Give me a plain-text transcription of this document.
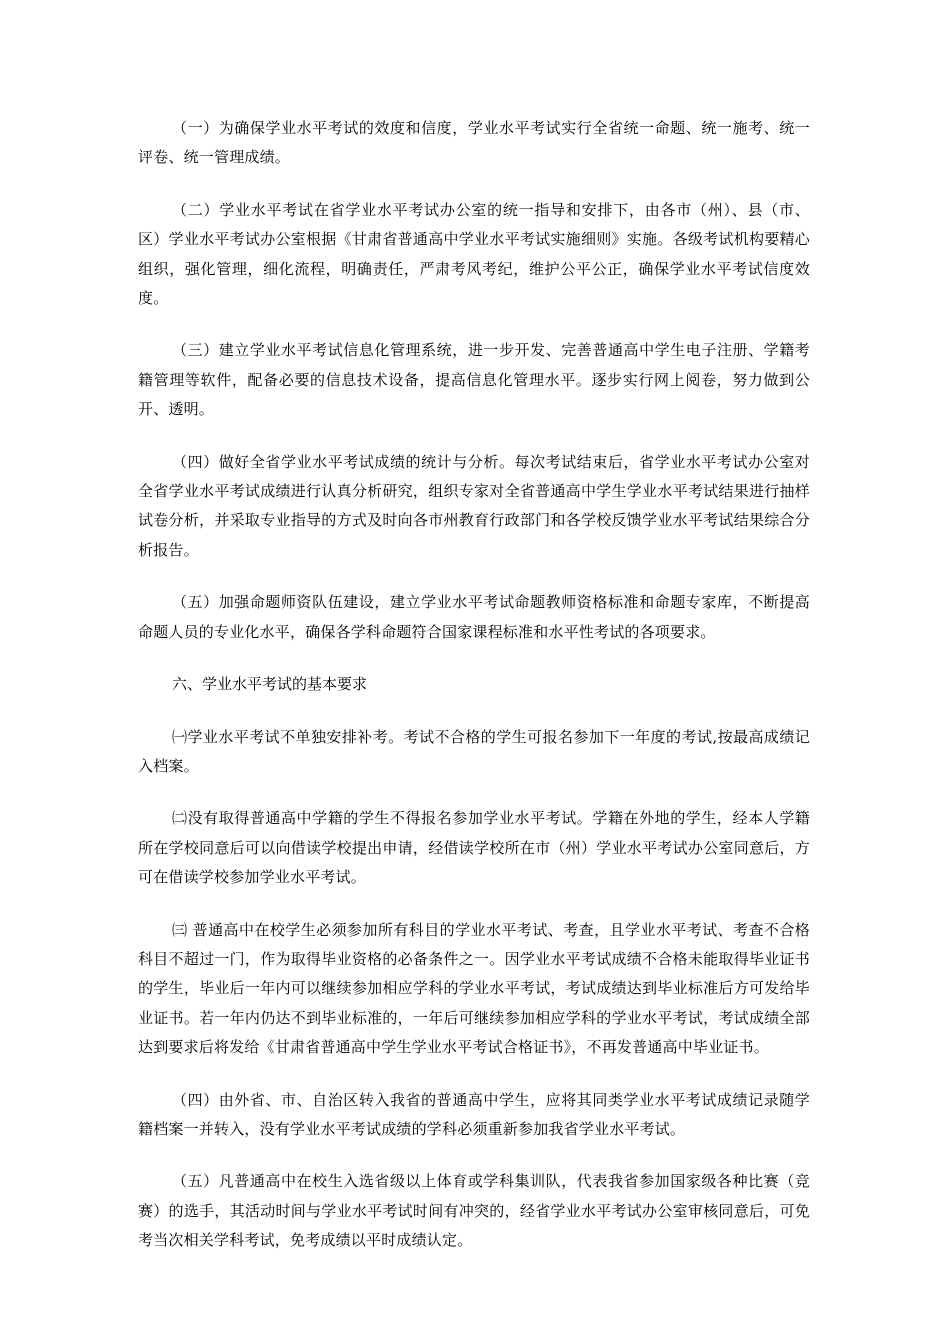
（一）为确保学业水平考试的效度和信度，学业水平考试实行全省统一命题、统一施考、统一评卷、统一管理成绩。

（二）学业水平考试在省学业水平考试办公室的统一指导和安排下，由各市（州）、县（市、区）学业水平考试办公室根据《甘肃省普通高中学业水平考试实施细则》实施。各级考试机构要精心组织，强化管理，细化流程，明确责任，严肃考风考纪，维护公平公正，确保学业水平考试信度效度。

（三）建立学业水平考试信息化管理系统，进一步开发、完善普通高中学生电子注册、学籍考籍管理等软件，配备必要的信息技术设备，提高信息化管理水平。逐步实行网上阅卷，努力做到公开、透明。

（四）做好全省学业水平考试成绩的统计与分析。每次考试结束后，省学业水平考试办公室对全省学业水平考试成绩进行认真分析研究，组织专家对全省普通高中学生学业水平考试结果进行抽样试卷分析，并采取专业指导的方式及时向各市州教育行政部门和各学校反馈学业水平考试结果综合分析报告。

（五）加强命题师资队伍建设，建立学业水平考试命题教师资格标准和命题专家库，不断提高命题人员的专业化水平，确保各学科命题符合国家课程标准和水平性考试的各项要求。

六、学业水平考试的基本要求

㈠学业水平考试不单独安排补考。考试不合格的学生可报名参加下一年度的考试,按最高成绩记入档案。

㈡没有取得普通高中学籍的学生不得报名参加学业水平考试。学籍在外地的学生，经本人学籍所在学校同意后可以向借读学校提出申请，经借读学校所在市（州）学业水平考试办公室同意后，方可在借读学校参加学业水平考试。

㈢ 普通高中在校学生必须参加所有科目的学业水平考试、考查，且学业水平考试、考查不合格科目不超过一门，作为取得毕业资格的必备条件之一。因学业水平考试成绩不合格未能取得毕业证书的学生，毕业后一年内可以继续参加相应学科的学业水平考试，考试成绩达到毕业标准后方可发给毕业证书。若一年内仍达不到毕业标准的，一年后可继续参加相应学科的学业水平考试，考试成绩全部达到要求后将发给《甘肃省普通高中学生学业水平考试合格证书》，不再发普通高中毕业证书。

（四）由外省、市、自治区转入我省的普通高中学生，应将其同类学业水平考试成绩记录随学籍档案一并转入，没有学业水平考试成绩的学科必须重新参加我省学业水平考试。

（五）凡普通高中在校生入选省级以上体育或学科集训队，代表我省参加国家级各种比赛（竞赛）的选手，其活动时间与学业水平考试时间有冲突的，经省学业水平考试办公室审核同意后，可免考当次相关学科考试，免考成绩以平时成绩认定。
